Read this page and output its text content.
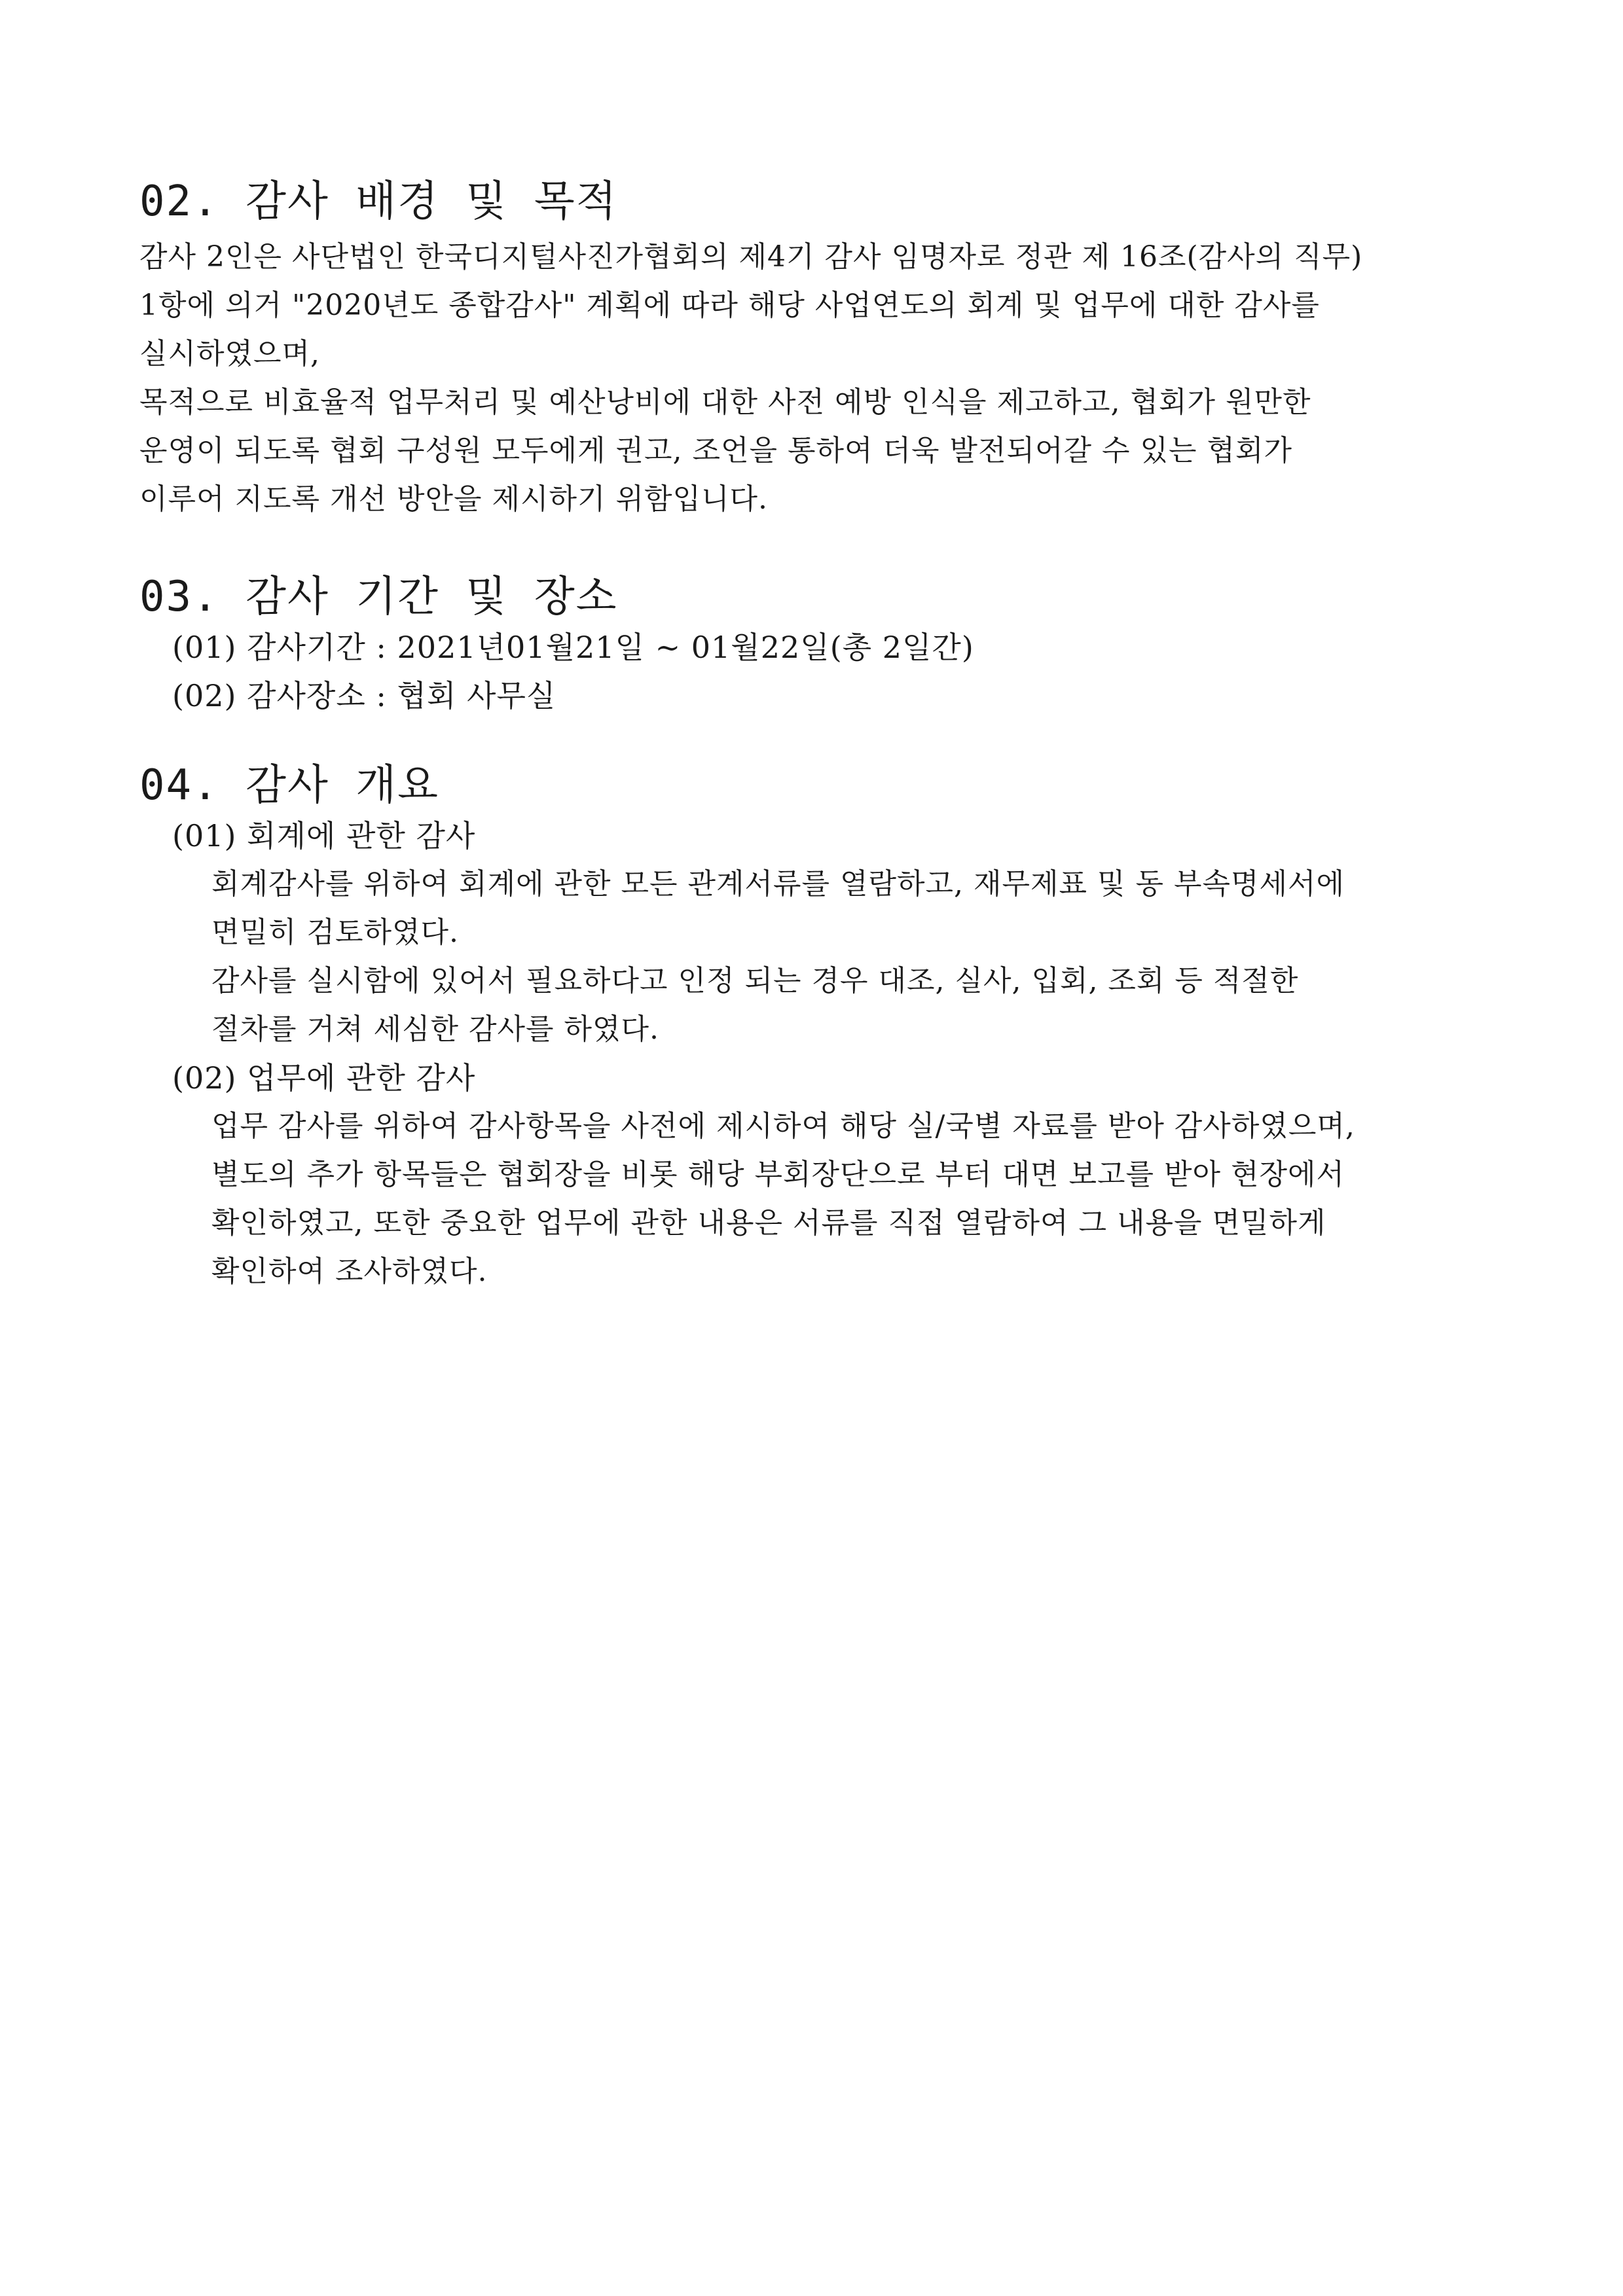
02. 감사 배경 및 목적

감사 2인은 사단법인 한국디지털사진가협회의 제4기 감사 임명자로 정관 제 16조(감사의 직무)

1항에 의거 "2020년도 종합감사" 계획에 따라 해당 사업연도의 회계 및 업무에 대한 감사를

실시하였으며,

목적으로 비효율적 업무처리 및 예산낭비에 대한 사전 예방 인식을 제고하고, 협회가 원만한

운영이 되도록 협회 구성원 모두에게 권고, 조언을 통하여 더욱 발전되어갈 수 있는 협회가

이루어 지도록 개선 방안을 제시하기 위함입니다.

03. 감사 기간 및 장소

(01) 감사기간 : 2021년01월21일 ~ 01월22일(총 2일간)

(02) 감사장소 : 협회 사무실

04. 감사 개요

(01) 회계에 관한 감사

회계감사를 위하여 회계에 관한 모든 관계서류를 열람하고, 재무제표 및 동 부속명세서에

면밀히 검토하였다.

감사를 실시함에 있어서 필요하다고 인정 되는 경우 대조, 실사, 입회, 조회 등 적절한

절차를 거쳐 세심한 감사를 하였다.

(02) 업무에 관한 감사

업무 감사를 위하여 감사항목을 사전에 제시하여 해당 실/국별 자료를 받아 감사하였으며,

별도의 추가 항목들은 협회장을 비롯 해당 부회장단으로 부터 대면 보고를 받아 현장에서

확인하였고, 또한 중요한 업무에 관한 내용은 서류를 직접 열람하여 그 내용을 면밀하게

확인하여 조사하였다.
